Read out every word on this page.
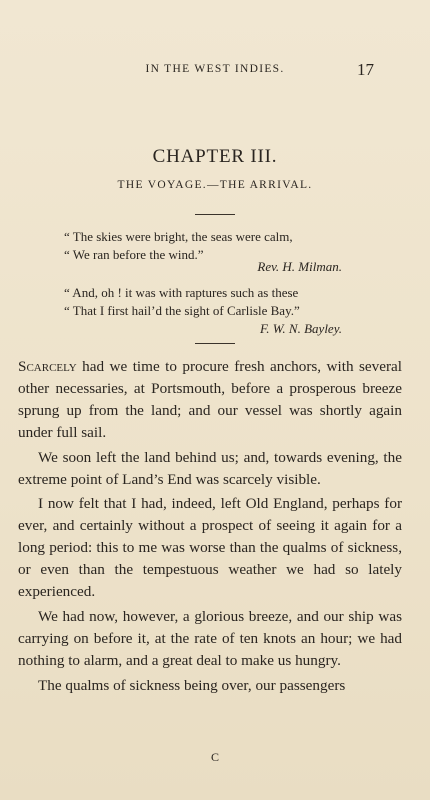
IN THE WEST INDIES.	17
CHAPTER III.
THE VOYAGE.—THE ARRIVAL.
“ The skies were bright, the seas were calm,
“ We ran before the wind.”
Rev. H. Milman.
“ And, oh ! it was with raptures such as these
“ That I first hail’d the sight of Carlisle Bay.”
F. W. N. Bayley.

Scarcely had we time to procure fresh anchors, with several other necessaries, at Portsmouth, before a prosperous breeze sprung up from the land; and our vessel was shortly again under full sail.

We soon left the land behind us; and, towards evening, the extreme point of Land’s End was scarcely visible.

I now felt that I had, indeed, left Old England, perhaps for ever, and certainly without a prospect of seeing it again for a long period: this to me was worse than the qualms of sickness, or even than the tempestuous weather we had so lately experienced.

We had now, however, a glorious breeze, and our ship was carrying on before it, at the rate of ten knots an hour; we had nothing to alarm, and a great deal to make us hungry.

The qualms of sickness being over, our passengers

C
